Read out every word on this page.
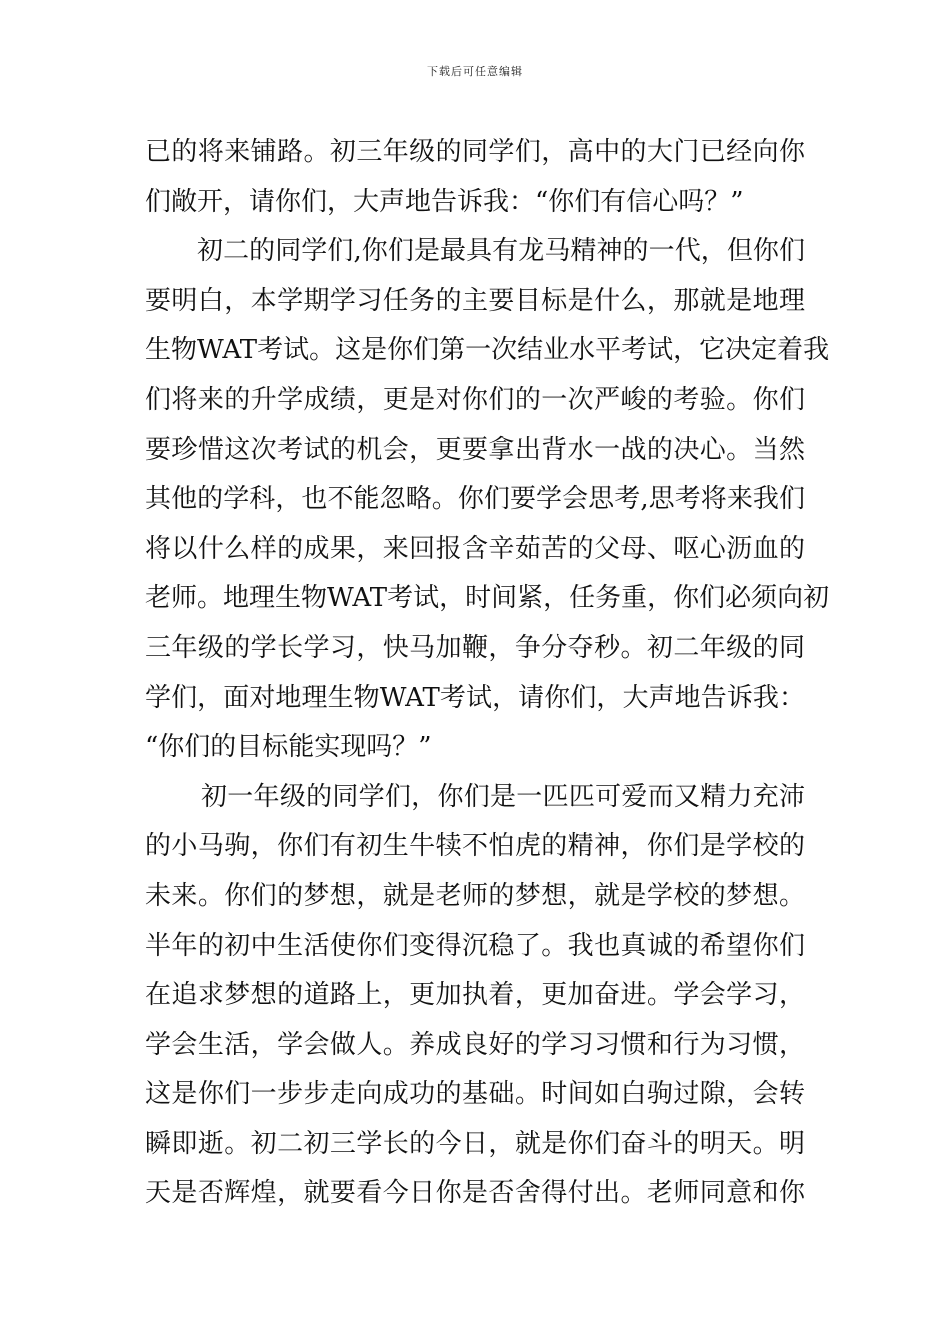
下载后可任意编辑
已的将来铺路。初三年级的同学们，高中的大门已经向你
们敞开，请你们，大声地告诉我：“你们有信心吗？”
初二的同学们,你们是最具有龙马精神的一代，但你们
要明白，本学期学习任务的主要目标是什么，那就是地理
生物WAT考试。这是你们第一次结业水平考试，它决定着我
们将来的升学成绩，更是对你们的一次严峻的考验。你们
要珍惜这次考试的机会，更要拿出背水一战的决心。当然
其他的学科，也不能忽略。你们要学会思考,思考将来我们
将以什么样的成果，来回报含辛茹苦的父母、呕心沥血的
老师。地理生物WAT考试，时间紧，任务重，你们必须向初
三年级的学长学习，快马加鞭，争分夺秒。初二年级的同
学们，面对地理生物WAT考试，请你们，大声地告诉我：
“你们的目标能实现吗？”
初一年级的同学们，你们是一匹匹可爱而又精力充沛
的小马驹，你们有初生牛犊不怕虎的精神，你们是学校的
未来。你们的梦想，就是老师的梦想，就是学校的梦想。
半年的初中生活使你们变得沉稳了。我也真诚的希望你们
在追求梦想的道路上，更加执着，更加奋进。学会学习，
学会生活，学会做人。养成良好的学习习惯和行为习惯，
这是你们一步步走向成功的基础。时间如白驹过隙，会转
瞬即逝。初二初三学长的今日，就是你们奋斗的明天。明
天是否辉煌，就要看今日你是否舍得付出。老师同意和你
